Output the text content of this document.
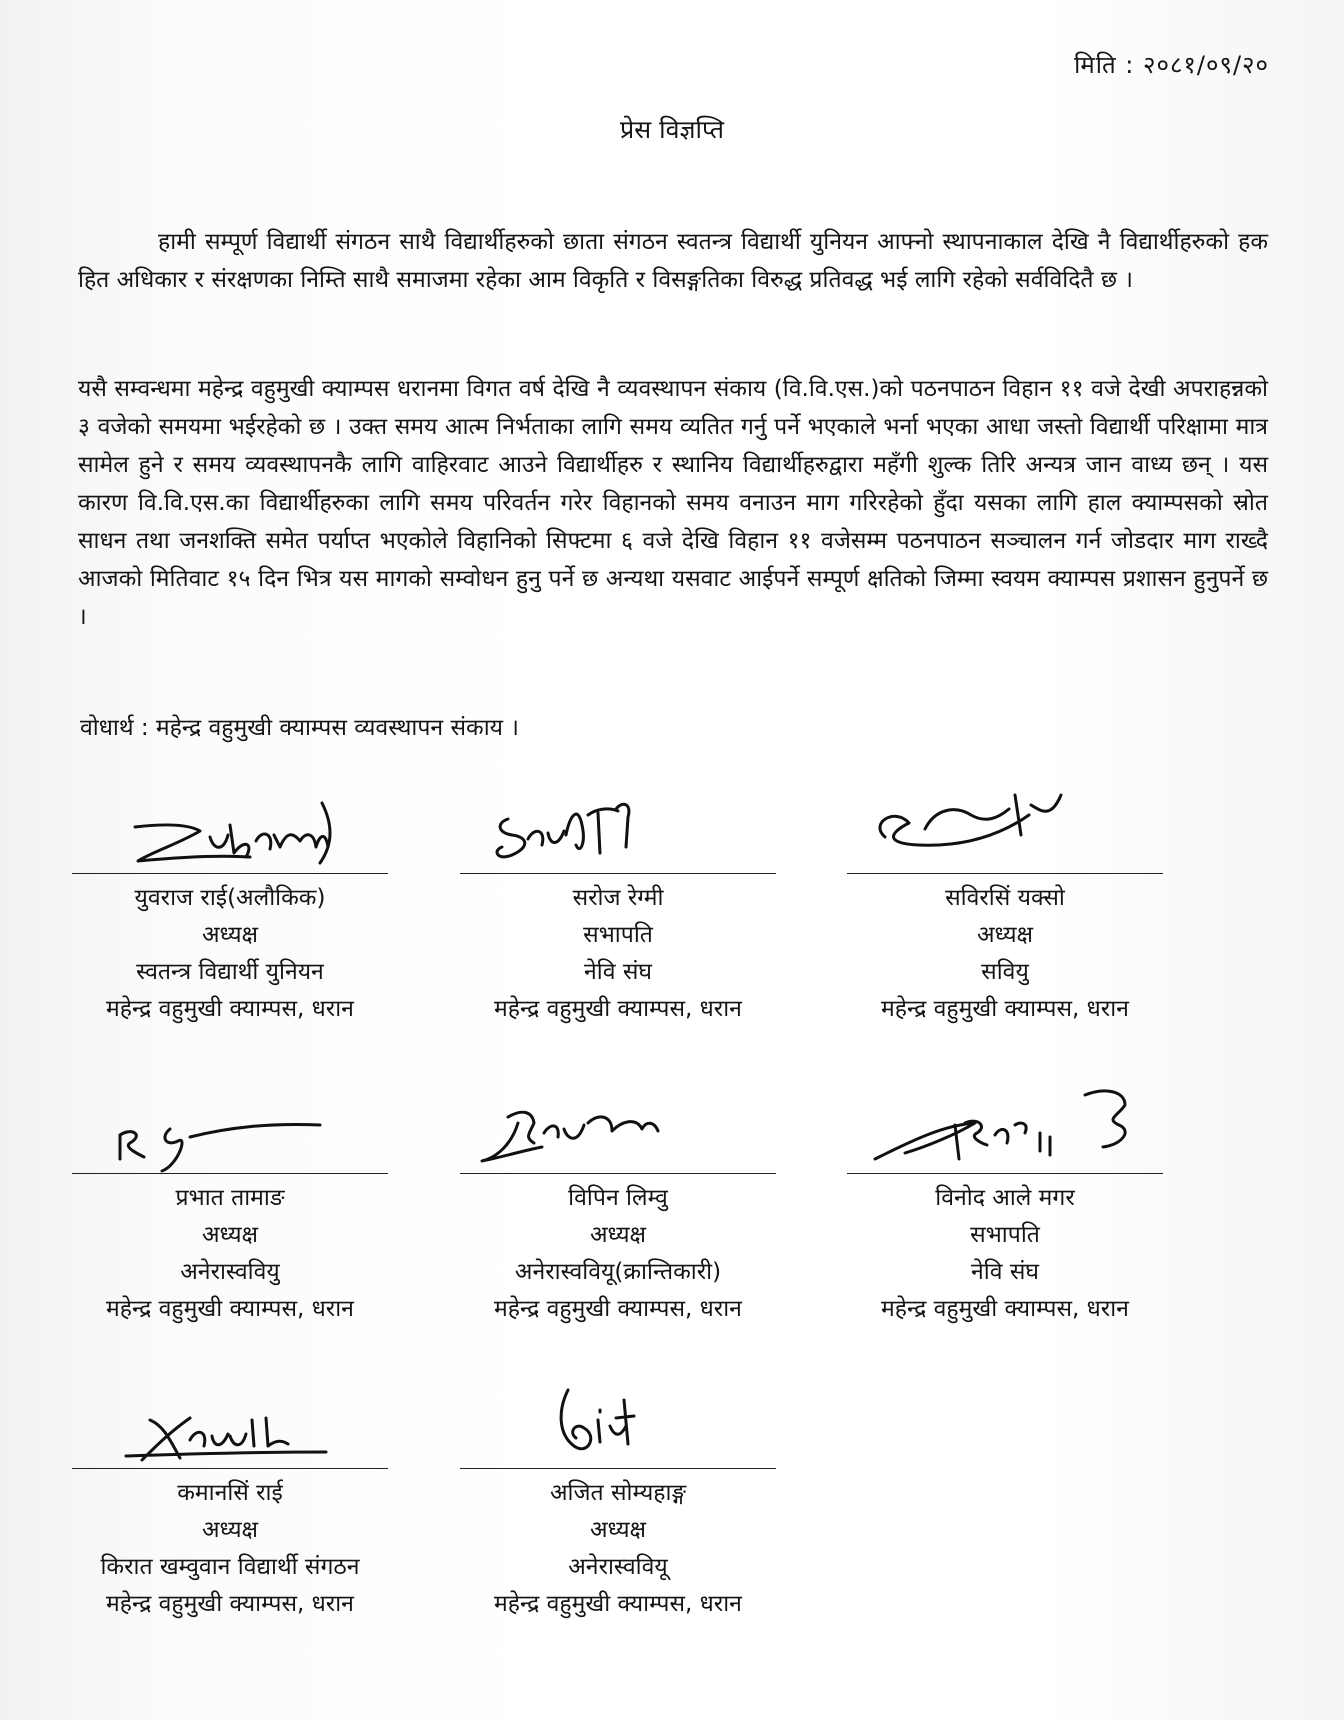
मिति : २०८१/०९/२०
प्रेस विज्ञप्ति

हामी सम्पूर्ण विद्यार्थी संगठन साथै विद्यार्थीहरुको छाता संगठन स्वतन्त्र विद्यार्थी युनियन आफ्नो स्थापनाकाल देखि नै विद्यार्थीहरुको हक हित अधिकार र संरक्षणका निम्ति साथै समाजमा रहेका आम विकृति र विसङ्गतिका विरुद्ध प्रतिवद्ध भई लागि रहेको सर्वविदितै छ ।

यसै सम्वन्धमा महेन्द्र वहुमुखी क्याम्पस धरानमा विगत वर्ष देखि नै व्यवस्थापन संकाय (वि.वि.एस.)को पठनपाठन विहान ११ वजे देखी अपराहन्नको ३ वजेको समयमा भईरहेको छ । उक्त समय आत्म निर्भताका लागि समय व्यतित गर्नु पर्ने भएकाले भर्ना भएका आधा जस्तो विद्यार्थी परिक्षामा मात्र सामेल हुने र समय व्यवस्थापनकै लागि वाहिरवाट आउने विद्यार्थीहरु र स्थानिय विद्यार्थीहरुद्वारा महँगी शुल्क तिरि अन्यत्र जान वाध्य छन् । यस कारण वि.वि.एस.का विद्यार्थीहरुका लागि समय परिवर्तन गरेर विहानको समय वनाउन माग गरिरहेको हुँदा यसका लागि हाल क्याम्पसको स्रोत साधन तथा जनशक्ति समेत पर्याप्त भएकोले विहानिको सिफ्टमा ६ वजे देखि विहान ११ वजेसम्म पठनपाठन सञ्चालन गर्न जोडदार माग राख्दै आजको मितिवाट १५ दिन भित्र यस मागको सम्वोधन हुनु पर्ने छ अन्यथा यसवाट आईपर्ने सम्पूर्ण क्षतिको जिम्मा स्वयम क्याम्पस प्रशासन हुनुपर्ने छ ।

वोधार्थ : महेन्द्र वहुमुखी क्याम्पस व्यवस्थापन संकाय ।
युवराज राई(अलौकिक)
अध्यक्ष
स्वतन्त्र विद्यार्थी युनियन
महेन्द्र वहुमुखी क्याम्पस, धरान
सरोज रेग्मी
सभापति
नेवि संघ
महेन्द्र वहुमुखी क्याम्पस, धरान
सविरसिं यक्सो
अध्यक्ष
सवियु
महेन्द्र वहुमुखी क्याम्पस, धरान
प्रभात तामाङ
अध्यक्ष
अनेरास्ववियु
महेन्द्र वहुमुखी क्याम्पस, धरान
विपिन लिम्वु
अध्यक्ष
अनेरास्ववियू(क्रान्तिकारी)
महेन्द्र वहुमुखी क्याम्पस, धरान
विनोद आले मगर
सभापति
नेवि संघ
महेन्द्र वहुमुखी क्याम्पस, धरान
कमानसिं राई
अध्यक्ष
किरात खम्वुवान विद्यार्थी संगठन
महेन्द्र वहुमुखी क्याम्पस, धरान
अजित सोम्यहाङ्ग
अध्यक्ष
अनेरास्ववियू
महेन्द्र वहुमुखी क्याम्पस, धरान
